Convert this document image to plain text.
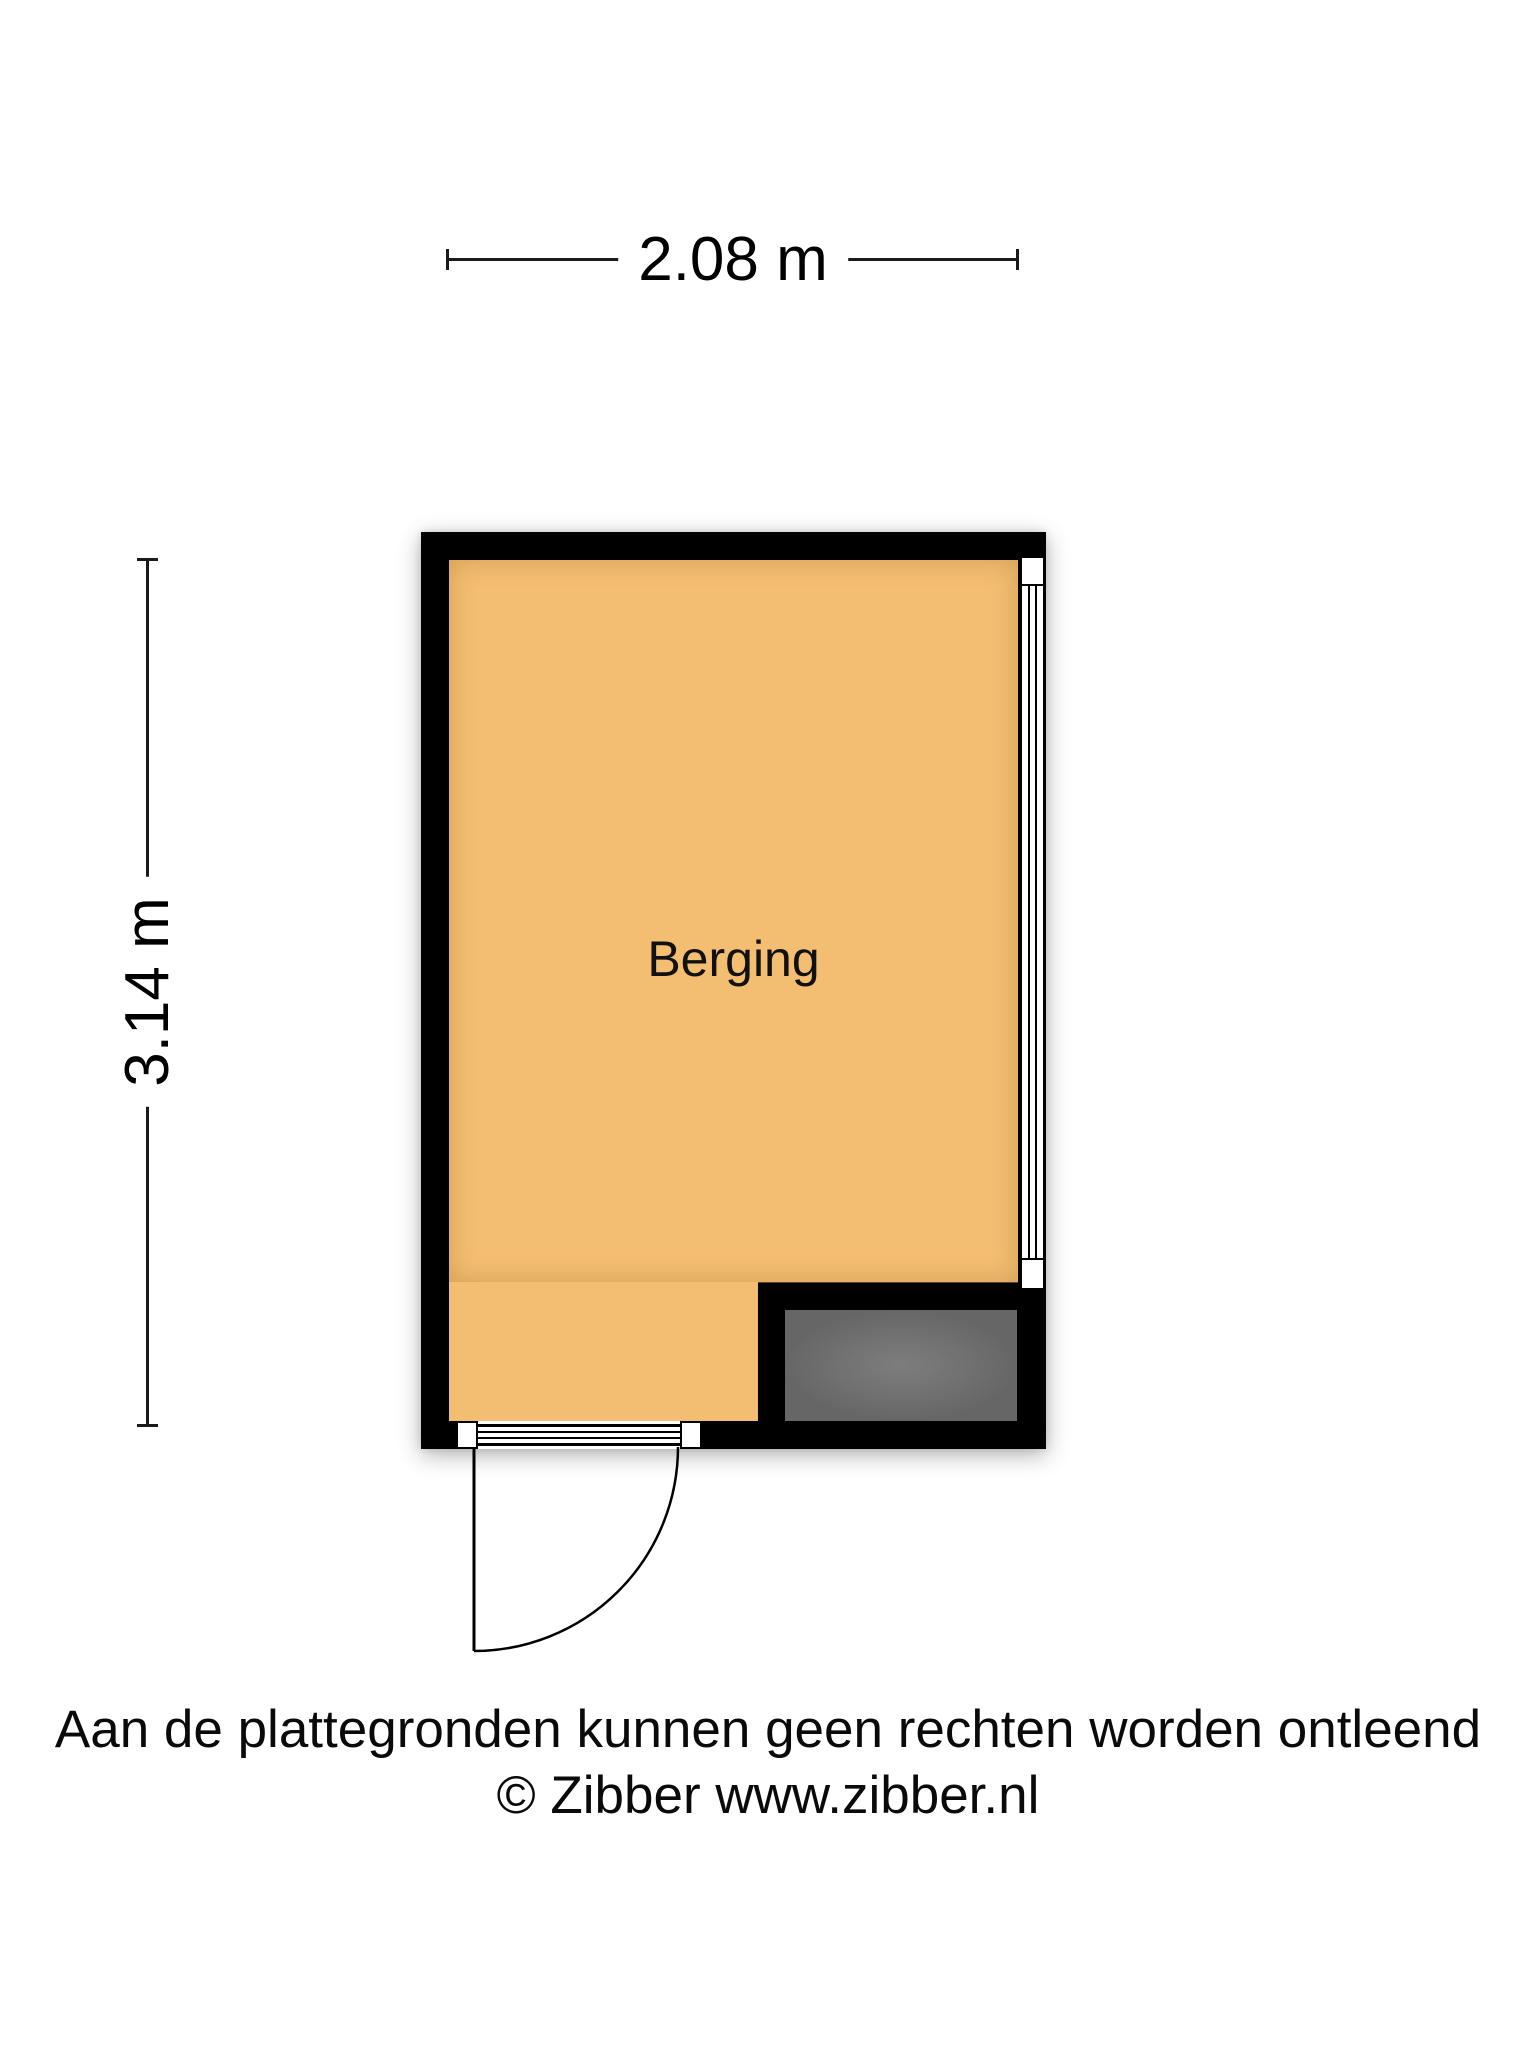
2.08 m
3.14 m	Berging
Aan de plattegronden kunnen geen rechten worden ontleend
© Zibber www.zibber.nl
